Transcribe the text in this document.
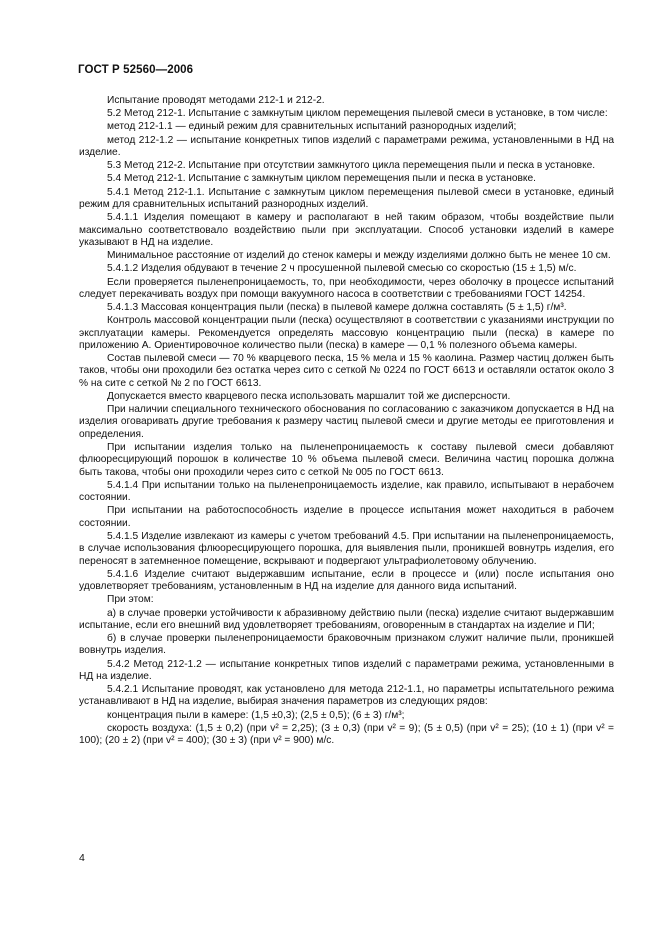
ГОСТ Р 52560—2006

Испытание проводят методами 212-1 и 212-2.

5.2 Метод 212-1. Испытание с замкнутым циклом перемещения пылевой смеси в установке, в том числе:

метод 212-1.1 — единый режим для сравнительных испытаний разнородных изделий;

метод 212-1.2 — испытание конкретных типов изделий с параметрами режима, установленными в НД на изделие.

5.3 Метод 212-2. Испытание при отсутствии замкнутого цикла перемещения пыли и песка в установке.

5.4 Метод 212-1. Испытание с замкнутым циклом перемещения пыли и песка в установке.

5.4.1 Метод 212-1.1. Испытание с замкнутым циклом перемещения пылевой смеси в установке, единый режим для сравнительных испытаний разнородных изделий.

5.4.1.1 Изделия помещают в камеру и располагают в ней таким образом, чтобы воздействие пыли максимально соответствовало воздействию пыли при эксплуатации. Способ установки изделий в камере указывают в НД на изделие.

Минимальное расстояние от изделий до стенок камеры и между изделиями должно быть не менее 10 см.

5.4.1.2 Изделия обдувают в течение 2 ч просушенной пылевой смесью со скоростью (15 ± 1,5) м/с.

Если проверяется пыленепроницаемость, то, при необходимости, через оболочку в процессе испытаний следует перекачивать воздух при помощи вакуумного насоса в соответствии с требованиями ГОСТ 14254.

5.4.1.3 Массовая концентрация пыли (песка) в пылевой камере должна составлять (5 ± 1,5) г/м³.

Контроль массовой концентрации пыли (песка) осуществляют в соответствии с указаниями инструкции по эксплуатации камеры. Рекомендуется определять массовую концентрацию пыли (песка) в камере по приложению А. Ориентировочное количество пыли (песка) в камере — 0,1 % полезного объема камеры.

Состав пылевой смеси — 70 % кварцевого песка, 15 % мела и 15 % каолина. Размер частиц должен быть таков, чтобы они проходили без остатка через сито с сеткой № 0224 по ГОСТ 6613 и оставляли остаток около 3 % на сите с сеткой № 2 по ГОСТ 6613.

Допускается вместо кварцевого песка использовать маршалит той же дисперсности.

При наличии специального технического обоснования по согласованию с заказчиком допускается в НД на изделия оговаривать другие требования к размеру частиц пылевой смеси и другие методы ее приготовления и определения.

При испытании изделия только на пыленепроницаемость к составу пылевой смеси добавляют флюоресцирующий порошок в количестве 10 % объема пылевой смеси. Величина частиц порошка должна быть такова, чтобы они проходили через сито с сеткой № 005 по ГОСТ 6613.

5.4.1.4 При испытании только на пыленепроницаемость изделие, как правило, испытывают в нерабочем состоянии.

При испытании на работоспособность изделие в процессе испытания может находиться в рабочем состоянии.

5.4.1.5 Изделие извлекают из камеры с учетом требований 4.5. При испытании на пыленепроницаемость, в случае использования флюоресцирующего порошка, для выявления пыли, проникшей вовнутрь изделия, его переносят в затемненное помещение, вскрывают и подвергают ультрафиолетовому облучению.

5.4.1.6 Изделие считают выдержавшим испытание, если в процессе и (или) после испытания оно удовлетворяет требованиям, установленным в НД на изделие для данного вида испытаний.

При этом:

а) в случае проверки устойчивости к абразивному действию пыли (песка) изделие считают выдержавшим испытание, если его внешний вид удовлетворяет требованиям, оговоренным в стандартах на изделие и ПИ;

б) в случае проверки пыленепроницаемости браковочным признаком служит наличие пыли, проникшей вовнутрь изделия.

5.4.2 Метод 212-1.2 — испытание конкретных типов изделий с параметрами режима, установленными в НД на изделие.

5.4.2.1 Испытание проводят, как установлено для метода 212-1.1, но параметры испытательного режима устанавливают в НД на изделие, выбирая значения параметров из следующих рядов:

концентрация пыли в камере: (1,5 ±0,3); (2,5 ± 0,5); (6 ± 3) г/м³;

скорость воздуха: (1,5 ± 0,2) (при v² = 2,25); (3 ± 0,3) (при v² = 9); (5 ± 0,5) (при v² = 25); (10 ± 1) (при v² = 100); (20 ± 2) (при v² = 400); (30 ± 3) (при v² = 900) м/с.

4
